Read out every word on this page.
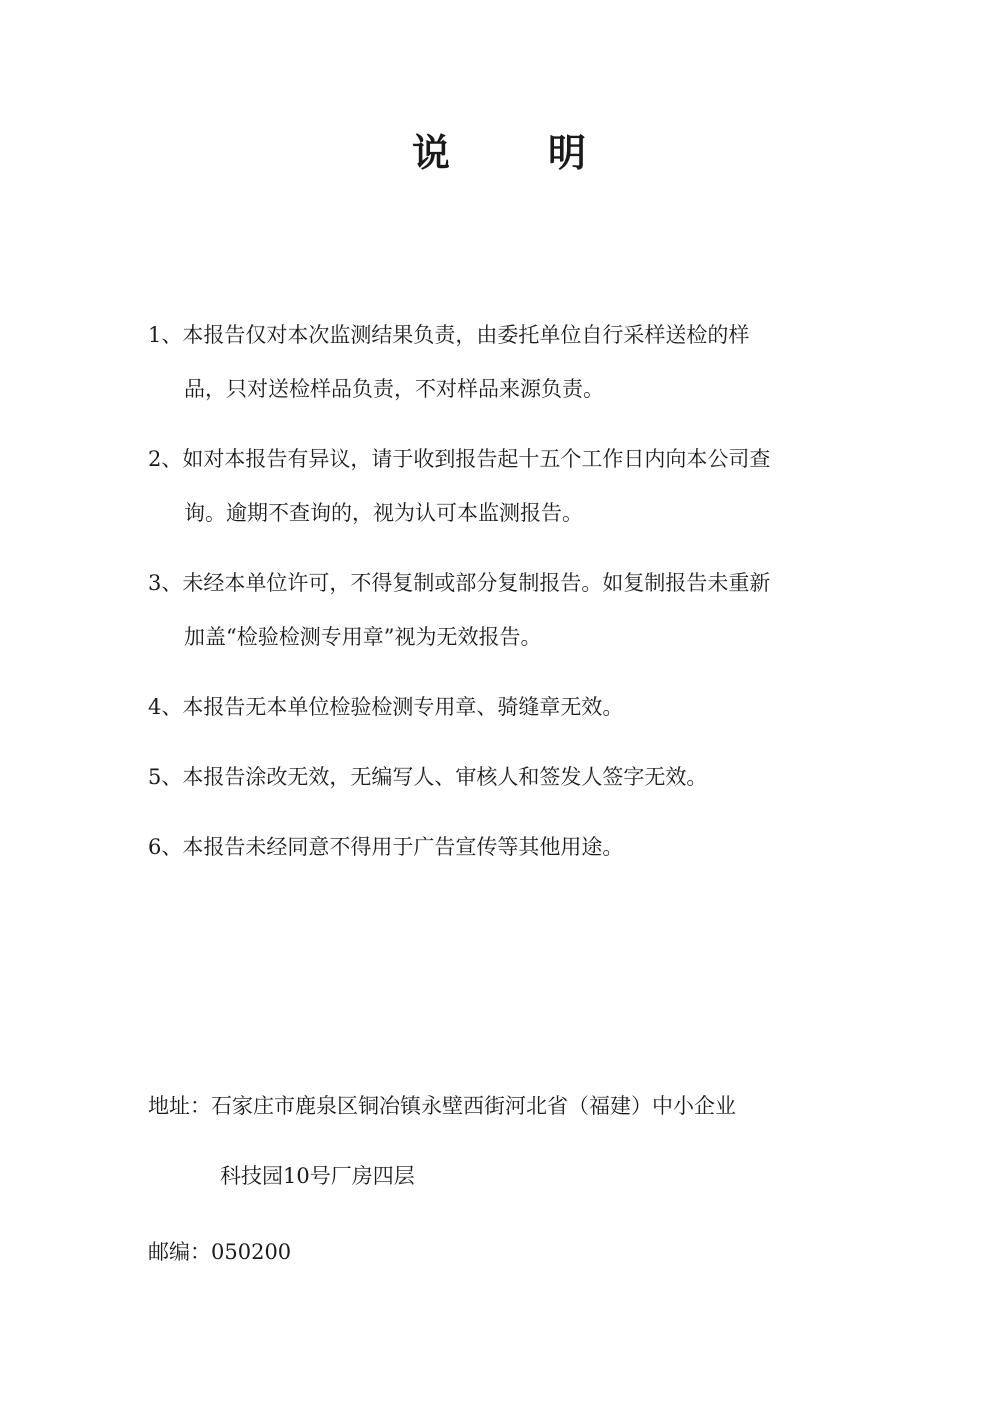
说	明
1、本报告仅对本次监测结果负责，由委托单位自行采样送检的样
品，只对送检样品负责，不对样品来源负责。
2、如对本报告有异议，请于收到报告起十五个工作日内向本公司查
询。逾期不查询的，视为认可本监测报告。
3、未经本单位许可，不得复制或部分复制报告。如复制报告未重新
加盖“检验检测专用章”视为无效报告。
4、本报告无本单位检验检测专用章、骑缝章无效。
5、本报告涂改无效，无编写人、审核人和签发人签字无效。
6、本报告未经同意不得用于广告宣传等其他用途。
地址：石家庄市鹿泉区铜冶镇永壁西街河北省（福建）中小企业
科技园10号厂房四层
邮编：050200
